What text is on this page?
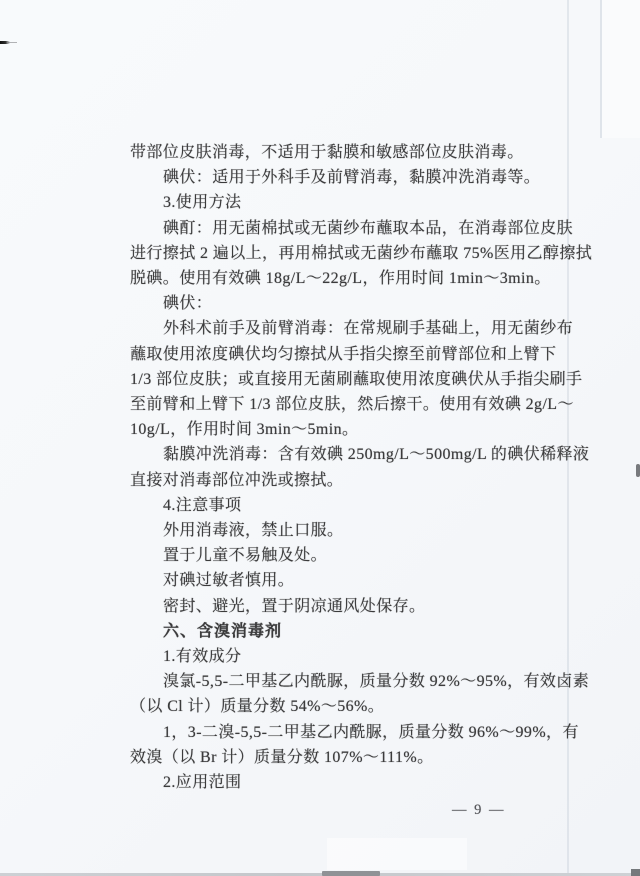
带部位皮肤消毒，不适用于黏膜和敏感部位皮肤消毒。
碘伏：适用于外科手及前臂消毒，黏膜冲洗消毒等。
3.使用方法
碘酊：用无菌棉拭或无菌纱布蘸取本品，在消毒部位皮肤
进行擦拭 2 遍以上，再用棉拭或无菌纱布蘸取 75%医用乙醇擦拭
脱碘。使用有效碘 18g/L～22g/L，作用时间 1min～3min。
碘伏：
外科术前手及前臂消毒：在常规刷手基础上，用无菌纱布
蘸取使用浓度碘伏均匀擦拭从手指尖擦至前臂部位和上臂下
1/3 部位皮肤；或直接用无菌刷蘸取使用浓度碘伏从手指尖刷手
至前臂和上臂下 1/3 部位皮肤，然后擦干。使用有效碘 2g/L～
10g/L，作用时间 3min～5min。
黏膜冲洗消毒：含有效碘 250mg/L～500mg/L 的碘伏稀释液
直接对消毒部位冲洗或擦拭。
4.注意事项
外用消毒液，禁止口服。
置于儿童不易触及处。
对碘过敏者慎用。
密封、避光，置于阴凉通风处保存。
六、含溴消毒剂
1.有效成分
溴氯-5,5-二甲基乙内酰脲，质量分数 92%～95%，有效卤素
（以 Cl 计）质量分数 54%～56%。
1，3-二溴-5,5-二甲基乙内酰脲，质量分数 96%～99%，有
效溴（以 Br 计）质量分数 107%～111%。
2.应用范围
— 9 —
